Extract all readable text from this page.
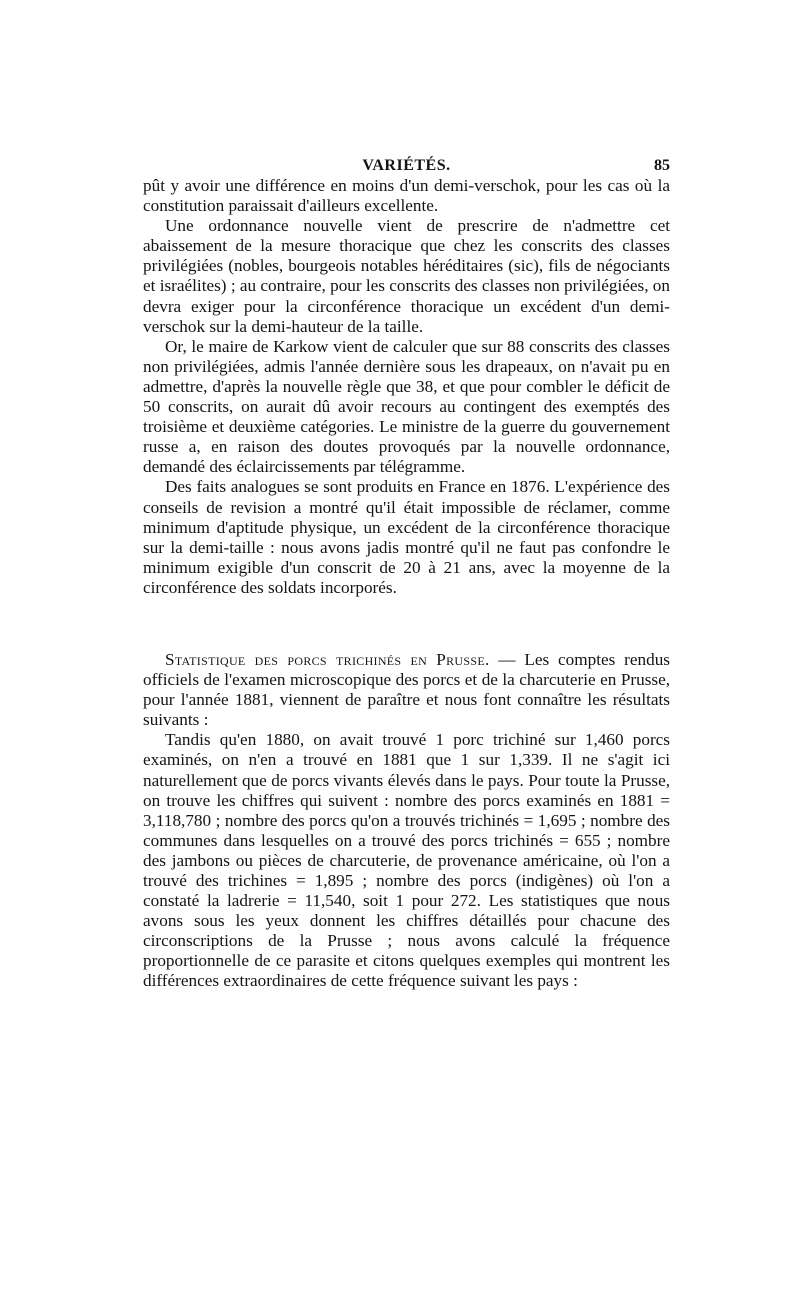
VARIÉTÉS.	85

pût y avoir une différence en moins d'un demi-verschok, pour les cas où la constitution paraissait d'ailleurs excellente.

Une ordonnance nouvelle vient de prescrire de n'admettre cet abaissement de la mesure thoracique que chez les conscrits des classes privilégiées (nobles, bourgeois notables héréditaires (sic), fils de négociants et israélites) ; au contraire, pour les conscrits des classes non privilégiées, on devra exiger pour la circonférence thoracique un excédent d'un demi-verschok sur la demi-hauteur de la taille.

Or, le maire de Karkow vient de calculer que sur 88 conscrits des classes non privilégiées, admis l'année dernière sous les drapeaux, on n'avait pu en admettre, d'après la nouvelle règle que 38, et que pour combler le déficit de 50 conscrits, on aurait dû avoir recours au contingent des exemptés des troisième et deuxième catégories. Le ministre de la guerre du gouvernement russe a, en raison des doutes provoqués par la nouvelle ordonnance, demandé des éclaircissements par télégramme.

Des faits analogues se sont produits en France en 1876. L'expérience des conseils de revision a montré qu'il était impossible de réclamer, comme minimum d'aptitude physique, un excédent de la circonférence thoracique sur la demi-taille : nous avons jadis montré qu'il ne faut pas confondre le minimum exigible d'un conscrit de 20 à 21 ans, avec la moyenne de la circonférence des soldats incorporés.

Statistique des porcs trichinés en Prusse. — Les comptes rendus officiels de l'examen microscopique des porcs et de la charcuterie en Prusse, pour l'année 1881, viennent de paraître et nous font connaître les résultats suivants :

Tandis qu'en 1880, on avait trouvé 1 porc trichiné sur 1,460 porcs examinés, on n'en a trouvé en 1881 que 1 sur 1,339. Il ne s'agit ici naturellement que de porcs vivants élevés dans le pays. Pour toute la Prusse, on trouve les chiffres qui suivent : nombre des porcs examinés en 1881 = 3,118,780 ; nombre des porcs qu'on a trouvés trichinés = 1,695 ; nombre des communes dans lesquelles on a trouvé des porcs trichinés = 655 ; nombre des jambons ou pièces de charcuterie, de provenance américaine, où l'on a trouvé des trichines = 1,895 ; nombre des porcs (indigènes) où l'on a constaté la ladrerie = 11,540, soit 1 pour 272. Les statistiques que nous avons sous les yeux donnent les chiffres détaillés pour chacune des circonscriptions de la Prusse ; nous avons calculé la fréquence proportionnelle de ce parasite et citons quelques exemples qui montrent les différences extraordinaires de cette fréquence suivant les pays :
